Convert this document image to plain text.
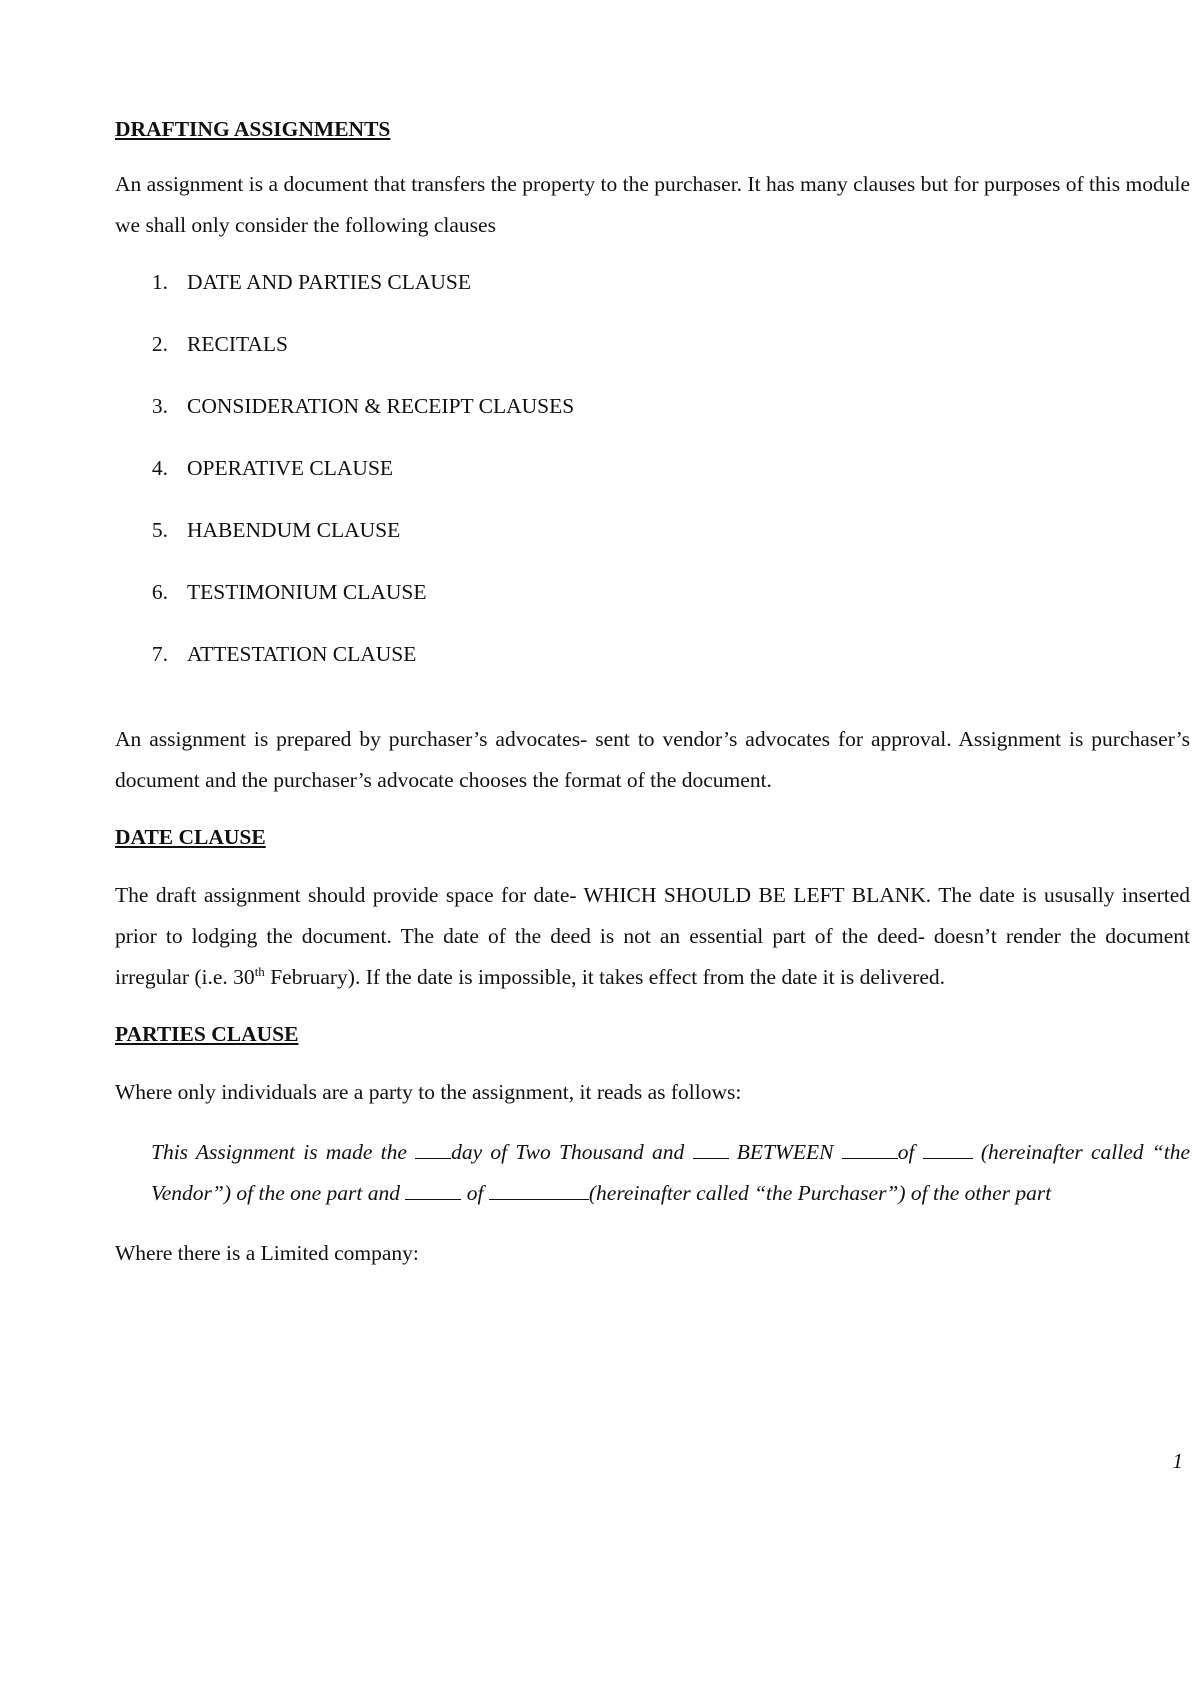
DRAFTING ASSIGNMENTS

An assignment is a document that transfers the property to the purchaser. It has many clauses but for purposes of this module we shall only consider the following clauses

1. DATE AND PARTIES CLAUSE
2. RECITALS
3. CONSIDERATION & RECEIPT CLAUSES
4. OPERATIVE CLAUSE
5. HABENDUM CLAUSE
6. TESTIMONIUM CLAUSE
7. ATTESTATION CLAUSE

An assignment is prepared by purchaser’s advocates- sent to vendor’s advocates for approval. Assignment is purchaser’s document and the purchaser’s advocate chooses the format of the document.

DATE CLAUSE

The draft assignment should provide space for date- WHICH SHOULD BE LEFT BLANK. The date is ususally inserted prior to lodging the document. The date of the deed is not an essential part of the deed- doesn’t render the document irregular (i.e. 30th February). If the date is impossible, it takes effect from the date it is delivered.

PARTIES CLAUSE

Where only individuals are a party to the assignment, it reads as follows:

This Assignment is made the day of Two Thousand and  BETWEEN	of  (hereinafter called “the Vendor”) of the one part and	of	(hereinafter called “the Purchaser”) of the other part

Where there is a Limited company:

1
